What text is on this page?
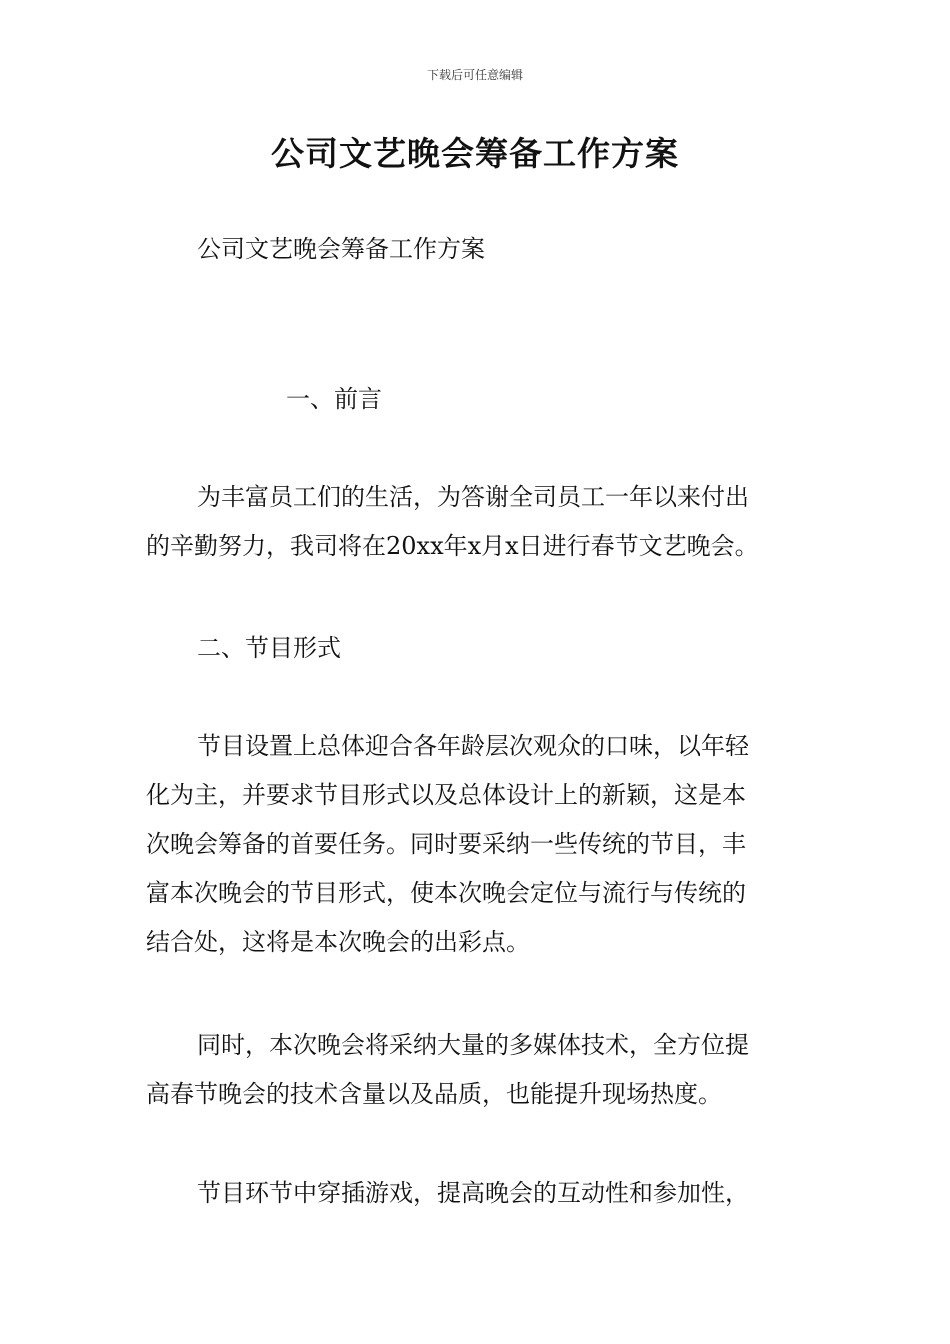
下载后可任意编辑
公司文艺晚会筹备工作方案

公司文艺晚会筹备工作方案

一、前言

为丰富员工们的生活，为答谢全司员工一年以来付出
的辛勤努力，我司将在20xx年x月x日进行春节文艺晚会。

二、节目形式

节目设置上总体迎合各年龄层次观众的口味，以年轻
化为主，并要求节目形式以及总体设计上的新颖，这是本
次晚会筹备的首要任务。同时要采纳一些传统的节目，丰
富本次晚会的节目形式，使本次晚会定位与流行与传统的
结合处，这将是本次晚会的出彩点。

同时，本次晚会将采纳大量的多媒体技术，全方位提
高春节晚会的技术含量以及品质，也能提升现场热度。

节目环节中穿插游戏，提高晚会的互动性和参加性，
